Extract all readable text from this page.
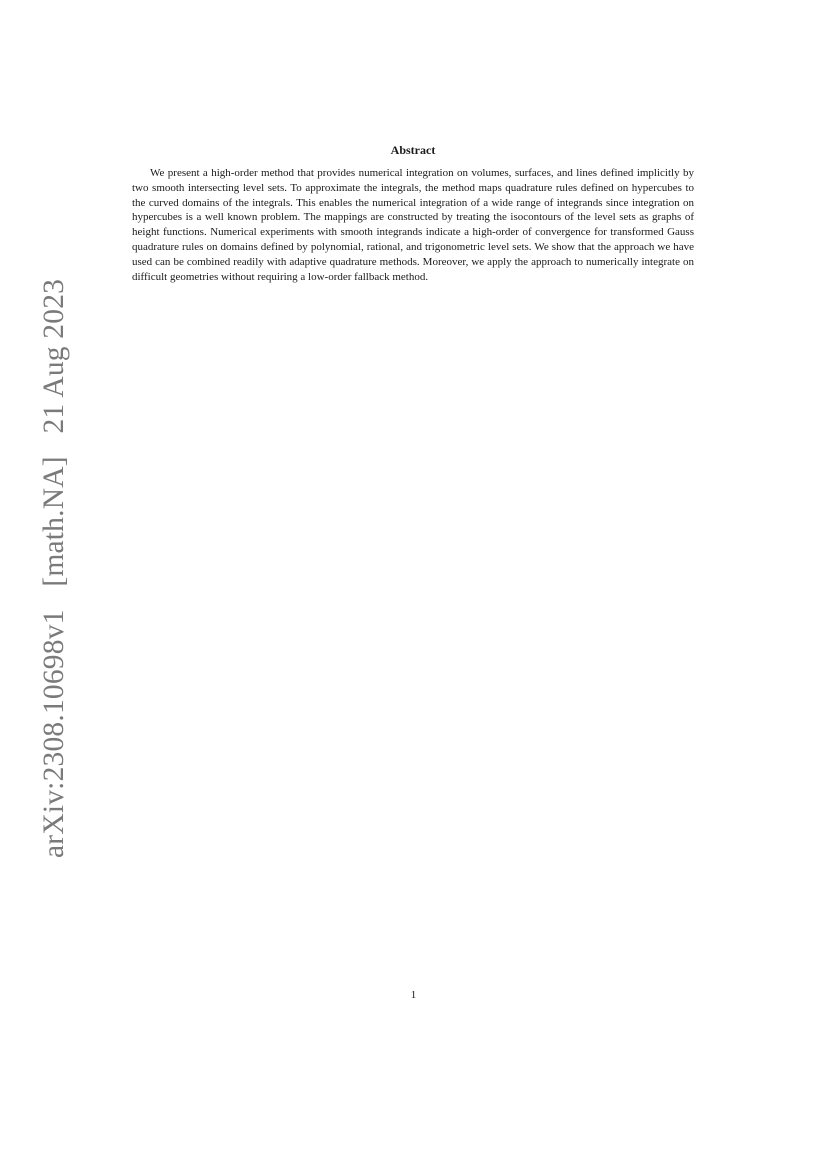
arXiv:2308.10698v1   [math.NA]   21 Aug 2023
Abstract

We present a high-order method that provides numerical integration on volumes, surfaces, and lines defined implicitly by two smooth intersecting level sets. To approximate the integrals, the method maps quadrature rules defined on hypercubes to the curved domains of the integrals. This enables the numerical integration of a wide range of integrands since integration on hypercubes is a well known problem. The mappings are constructed by treating the isocontours of the level sets as graphs of height functions. Numerical experiments with smooth integrands indicate a high-order of convergence for transformed Gauss quadrature rules on domains defined by polynomial, rational, and trigonometric level sets. We show that the approach we have used can be combined readily with adaptive quadrature methods. Moreover, we apply the approach to numerically integrate on difficult geometries without requiring a low-order fallback method.

1
